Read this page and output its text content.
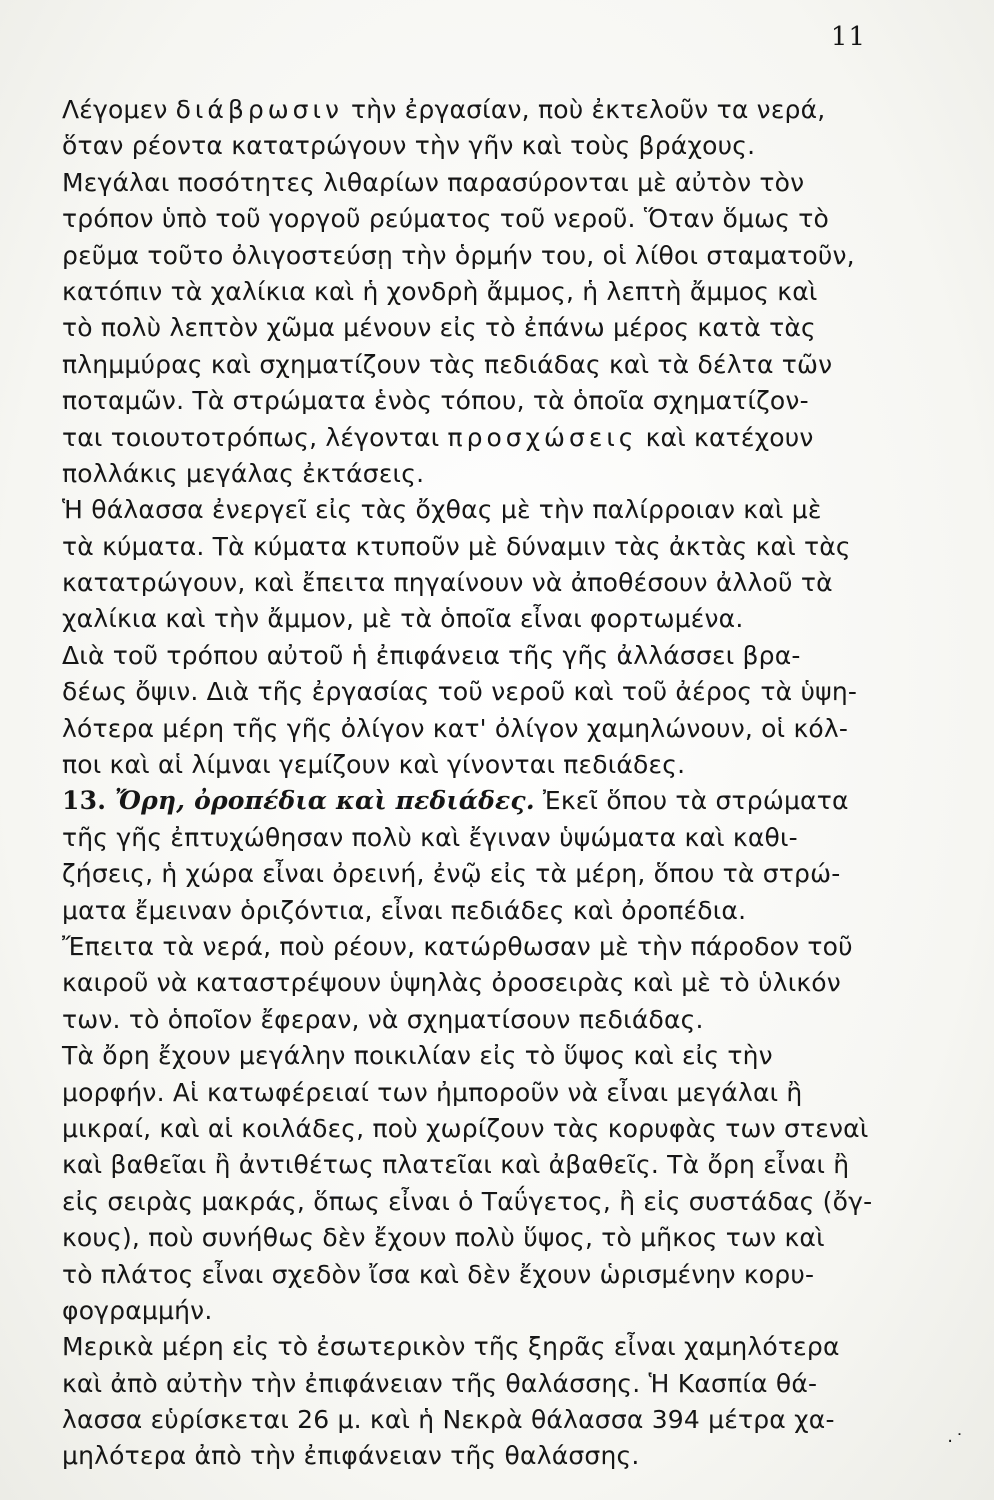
11
Λέγομεν διάβρωσιν τὴν ἐργασίαν, ποὺ ἐκτελοῦν τα νερά,
ὅταν ρέοντα κατατρώγουν τὴν γῆν καὶ τοὺς βράχους.
Μεγάλαι ποσότητες λιθαρίων παρασύρονται μὲ αὐτὸν τὸν
τρόπον ὑπὸ τοῦ γοργοῦ ρεύματος τοῦ νεροῦ. Ὅταν ὅμως τὸ
ρεῦμα τοῦτο ὀλιγοστεύσῃ τὴν ὁρμήν του, οἱ λίθοι σταματοῦν,
κατόπιν τὰ χαλίκια καὶ ἡ χονδρὴ ἄμμος, ἡ λεπτὴ ἄμμος καὶ
τὸ πολὺ λεπτὸν χῶμα μένουν εἰς τὸ ἐπάνω μέρος κατὰ τὰς
πλημμύρας καὶ σχηματίζουν τὰς πεδιάδας καὶ τὰ δέλτα τῶν
ποταμῶν. Τὰ στρώματα ἑνὸς τόπου, τὰ ὁποῖα σχηματίζον-
ται τοιουτοτρόπως, λέγονται προσχώσεις καὶ κατέχουν
πολλάκις μεγάλας ἐκτάσεις.
Ἡ θάλασσα ἐνεργεῖ εἰς τὰς ὄχθας μὲ τὴν παλίρροιαν καὶ μὲ
τὰ κύματα. Τὰ κύματα κτυποῦν μὲ δύναμιν τὰς ἀκτὰς καὶ τὰς
κατατρώγουν, καὶ ἔπειτα πηγαίνουν νὰ ἀποθέσουν ἀλλοῦ τὰ
χαλίκια καὶ τὴν ἄμμον, μὲ τὰ ὁποῖα εἶναι φορτωμένα.
Διὰ τοῦ τρόπου αὐτοῦ ἡ ἐπιφάνεια τῆς γῆς ἀλλάσσει βρα-
δέως ὄψιν. Διὰ τῆς ἐργασίας τοῦ νεροῦ καὶ τοῦ ἀέρος τὰ ὑψη-
λότερα μέρη τῆς γῆς ὀλίγον κατ' ὀλίγον χαμηλώνουν, οἱ κόλ-
ποι καὶ αἱ λίμναι γεμίζουν καὶ γίνονται πεδιάδες.
13. Ὄρη, ὀροπέδια καὶ πεδιάδες. Ἐκεῖ ὅπου τὰ στρώματα
τῆς γῆς ἐπτυχώθησαν πολὺ καὶ ἔγιναν ὑψώματα καὶ καθι-
ζήσεις, ἡ χώρα εἶναι ὀρεινή, ἐνῷ εἰς τὰ μέρη, ὅπου τὰ στρώ-
ματα ἔμειναν ὁριζόντια, εἶναι πεδιάδες καὶ ὀροπέδια.
Ἔπειτα τὰ νερά, ποὺ ρέουν, κατώρθωσαν μὲ τὴν πάροδον τοῦ
καιροῦ νὰ καταστρέψουν ὑψηλὰς ὀροσειρὰς καὶ μὲ τὸ ὑλικόν
των. τὸ ὁποῖον ἔφεραν, νὰ σχηματίσουν πεδιάδας.
Τὰ ὄρη ἔχουν μεγάλην ποικιλίαν εἰς τὸ ὕψος καὶ εἰς τὴν
μορφήν. Αἱ κατωφέρειαί των ἠμποροῦν νὰ εἶναι μεγάλαι ἢ
μικραί, καὶ αἱ κοιλάδες, ποὺ χωρίζουν τὰς κορυφὰς των στεναὶ
καὶ βαθεῖαι ἢ ἀντιθέτως πλατεῖαι καὶ ἀβαθεῖς. Τὰ ὄρη εἶναι ἢ
εἰς σειρὰς μακράς, ὅπως εἶναι ὁ Ταΰγετος, ἢ εἰς συστάδας (ὄγ-
κους), ποὺ συνήθως δὲν ἔχουν πολὺ ὕψος, τὸ μῆκος των καὶ
τὸ πλάτος εἶναι σχεδὸν ἴσα καὶ δὲν ἔχουν ὡρισμένην κορυ-
φογραμμήν.
Μερικὰ μέρη εἰς τὸ ἐσωτερικὸν τῆς ξηρᾶς εἶναι χαμηλότερα
καὶ ἀπὸ αὐτὴν τὴν ἐπιφάνειαν τῆς θαλάσσης. Ἡ Κασπία θά-
λασσα εὑρίσκεται 26 μ. καὶ ἡ Νεκρὰ θάλασσα 394 μέτρα χα-
μηλότερα ἀπὸ τὴν ἐπιφάνειαν τῆς θαλάσσης.	·˙
